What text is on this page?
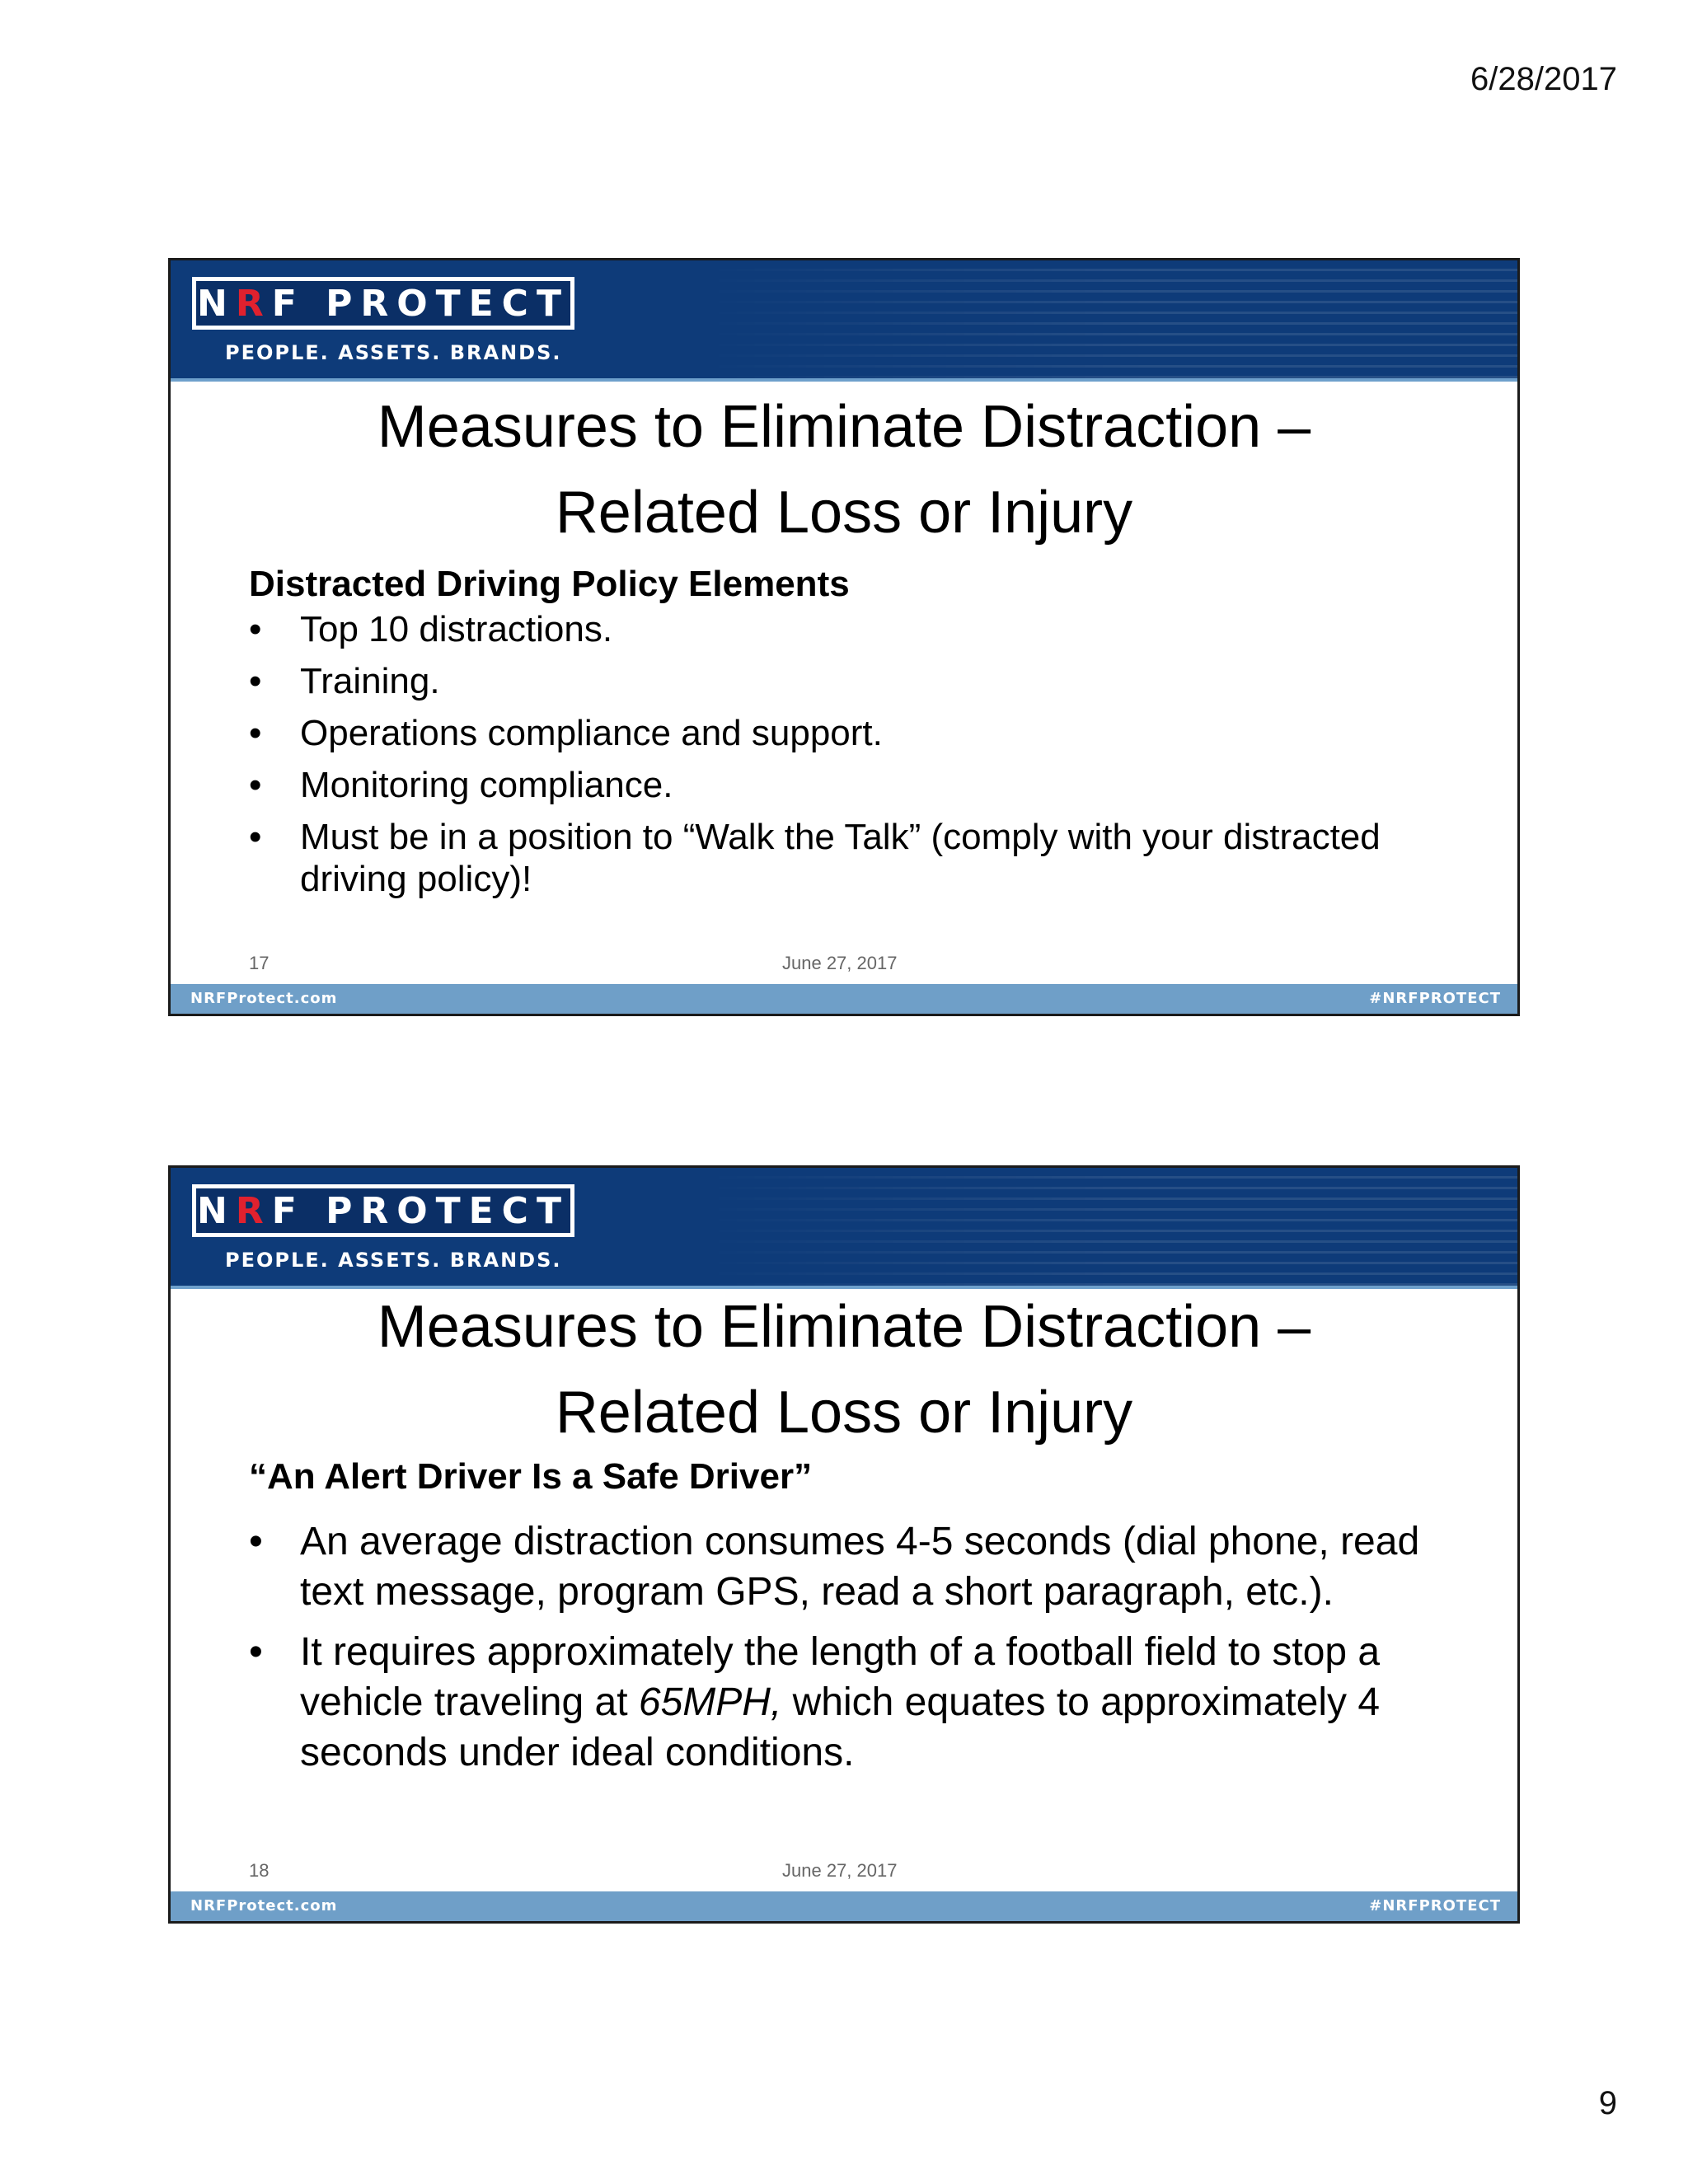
6/28/2017
NRF PROTECT
PEOPLE. ASSETS. BRANDS.
Measures to Eliminate Distraction –
Related Loss or Injury
Distracted Driving Policy Elements
• Top 10 distractions.
• Training.
• Operations compliance and support.
• Monitoring compliance.
• Must be in a position to “Walk the Talk” (comply with your distracted driving policy)!
17	June 27, 2017
NRFProtect.com	#NRFPROTECT
NRF PROTECT
PEOPLE. ASSETS. BRANDS.
Measures to Eliminate Distraction –
Related Loss or Injury
“An Alert Driver Is a Safe Driver”
• An average distraction consumes 4-5 seconds (dial phone, read text message, program GPS, read a short paragraph, etc.).
• It requires approximately the length of a football field to stop a vehicle traveling at 65MPH, which equates to approximately 4 seconds under ideal conditions.
18	June 27, 2017
NRFProtect.com	#NRFPROTECT
9
